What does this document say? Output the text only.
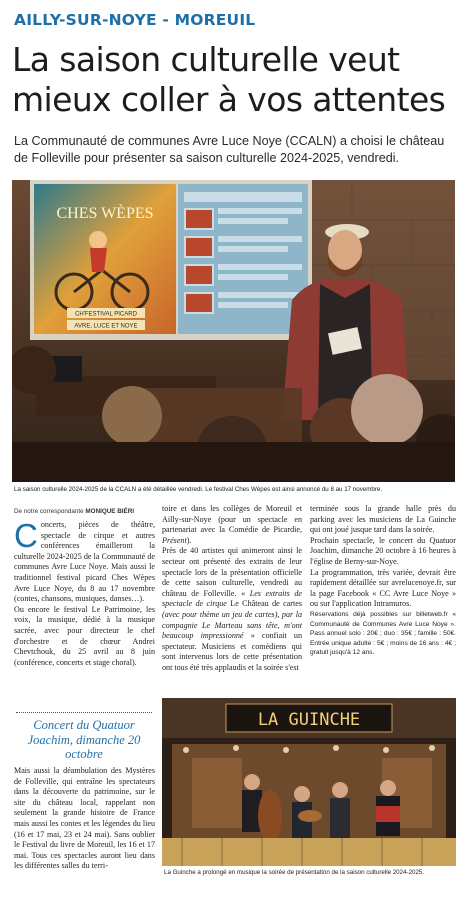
AILLY-SUR-NOYE - MOREUIL
La saison culturelle veut mieux coller à vos attentes

La Communauté de communes Avre Luce Noye (CCALN) a choisi le château de Folleville pour présenter sa saison culturelle 2024-2025, vendredi.

CHES WÈPES
CH'FESTIVAL PICARD
AVRE, LUCE ET NOYE
La saison culturelle 2024-2025 de la CCALN a été détaillée vendredi. Le festival Ches Wèpes est ainsi annoncé du 8 au 17 novembre.
De notre correspondante MONIQUE BIÉRI

Concerts, pièces de théâtre, spectacle de cirque et autres conférences émailleront la culturelle 2024-2025 de la Communauté de communes Avre Luce Noye. Mais aussi le traditionnel festival picard Ches Wèpes Avre Luce Noye, du 8 au 17 novembre (contes, chansons, musiques, danses…).

Ou encore le festival Le Patrimoine, les voix, la musique, dédié à la musique sacrée, avec pour directeur le chef d'orchestre et de chœur Andrei Chevtchouk, du 25 avril au 8 juin (conférence, concerts et stage choral).

Concert du Quatuor Joachim, dimanche 20 octobre

Mais aussi la déambulation des Mystères de Folleville, qui entraîne les spectateurs dans la découverte du patrimoine, sur le site du château local, rappelant non seulement la grande histoire de France mais aussi les contes et les légendes du lieu (16 et 17 mai, 23 et 24 mai). Sans oublier le Festival du livre de Moreuil, les 16 et 17 mai. Tous ces spectacles auront lieu dans les différentes salles du terri-

toire et dans les collèges de Moreuil et Ailly-sur-Noye (pour un spectacle en partenariat avec la Comédie de Picardie, Présent).

Près de 40 artistes qui animeront ainsi le secteur ont présenté des extraits de leur spectacle lors de la présentation officielle de cette saison culturelle, vendredi au château de Folleville. « Les extraits de spectacle de cirque Le Château de cartes (avec pour thème un jeu de cartes), par la compagnie Le Marteau sans tête, m'ont beaucoup impressionné » confiait un spectateur. Musiciens et comédiens qui sont intervenus lors de cette présentation ont tous été très applaudis et la soirée s'est

terminée sous la grande halle près du parking avec les musiciens de La Guinche qui ont joué jusque tard dans la soirée.

Prochain spectacle, le concert du Quatuor Joachim, dimanche 20 octobre à 16 heures à l'église de Berny-sur-Noye.

La programmation, très variée, devrait être rapidement détaillée sur avrelucenoye.fr, sur la page Facebook « CC Avre Luce Noye » ou sur l'application Intramuros.

Réservations déjà possibles sur billetweb.fr « Communauté de Communes Avre Luce Noye ». Pass annuel solo : 20€ ; duo : 35€ ; famille : 50€. Entrée unique adulte : 5€ ; moins de 16 ans : 4€ ; gratuit jusqu'à 12 ans.

LA GUINCHE
La Guinche a prolongé en musique la soirée de présentation de la saison culturelle 2024-2025.
